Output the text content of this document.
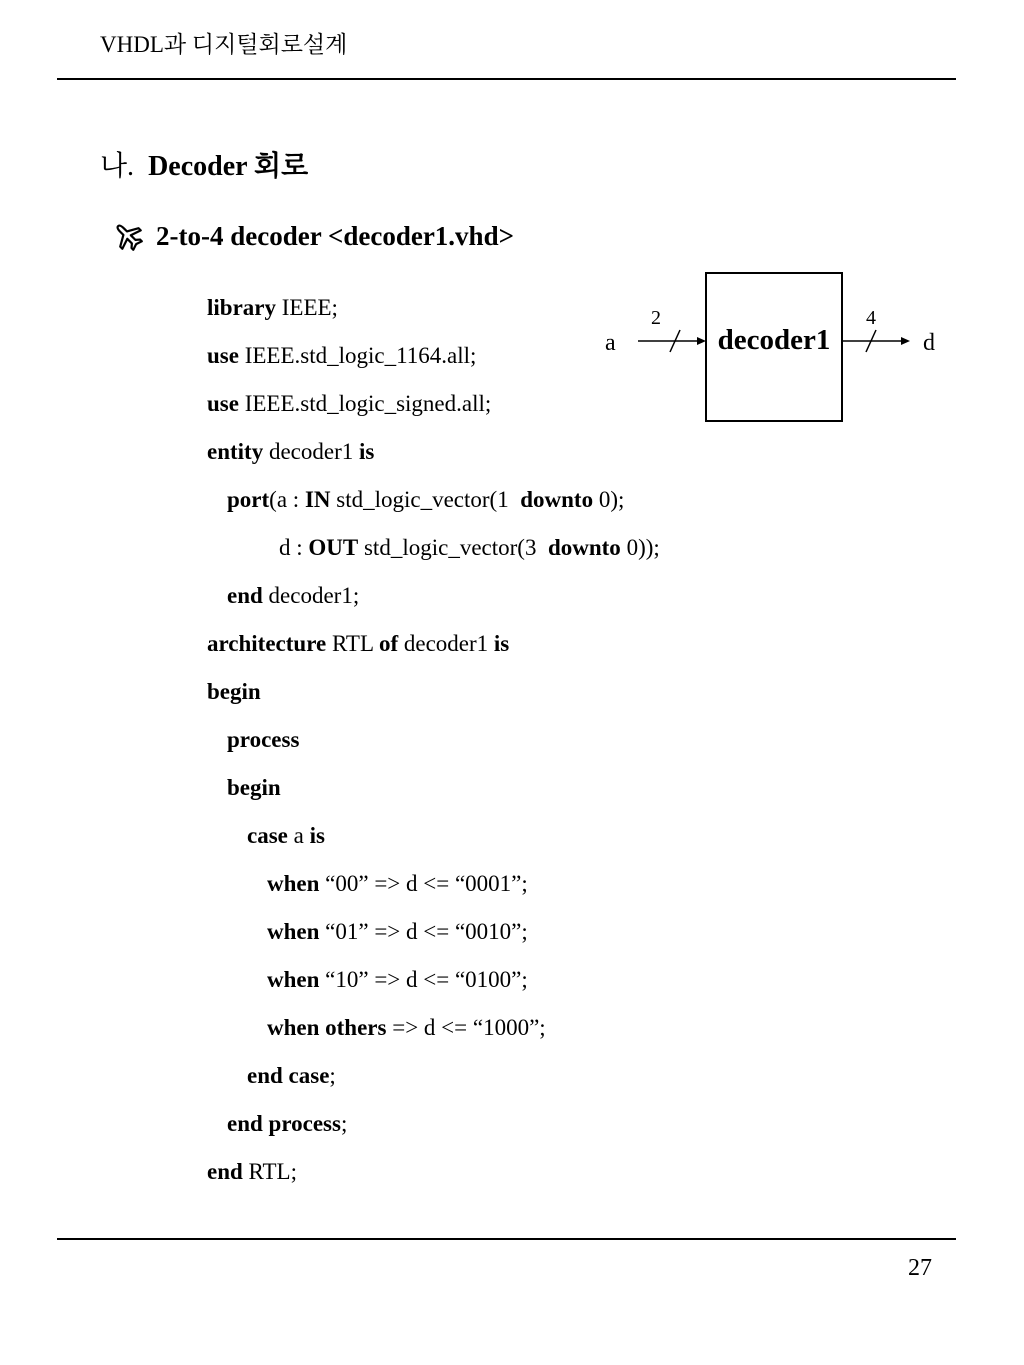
VHDL과 디지털회로설계
나. Decoder 회로
2-to-4 decoder <decoder1.vhd>
library IEEE;
use IEEE.std_logic_1164.all;
use IEEE.std_logic_signed.all;
entity decoder1 is
port(a : IN std_logic_vector(1  downto 0);
d : OUT std_logic_vector(3  downto 0));
end decoder1;
architecture RTL of decoder1 is
begin
process
begin
case a is
when “00” => d <= “0001”;
when “01” => d <= “0010”;
when “10” => d <= “0100”;
when others => d <= “1000”;
end case;
end process;
end RTL;
decoder1
a
2
d
4
27
